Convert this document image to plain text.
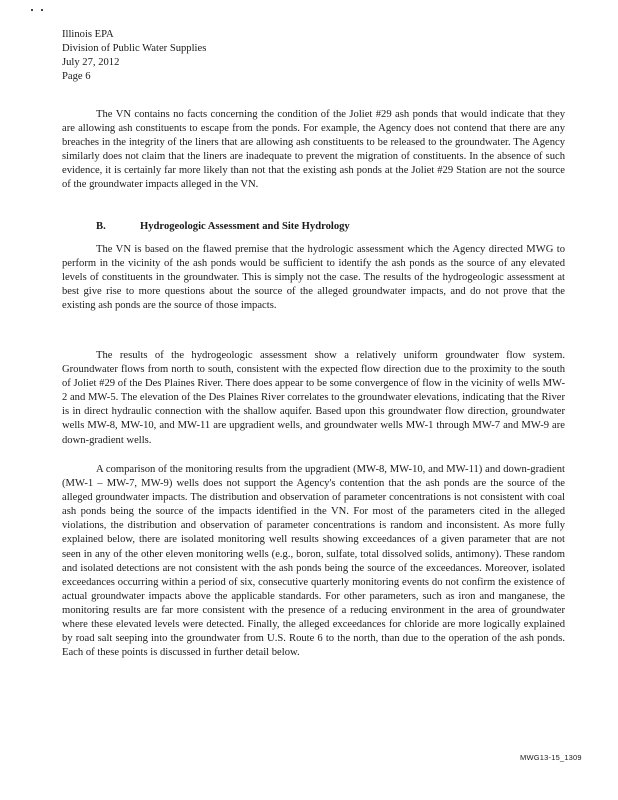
Illinois EPA
Division of Public Water Supplies
July 27, 2012
Page 6

The VN contains no facts concerning the condition of the Joliet #29 ash ponds that would indicate that they are allowing ash constituents to escape from the ponds. For example, the Agency does not contend that there are any breaches in the integrity of the liners that are allowing ash constituents to be released to the groundwater. The Agency similarly does not claim that the liners are inadequate to prevent the migration of constituents. In the absence of such evidence, it is certainly far more likely than not that the existing ash ponds at the Joliet #29 Station are not the source of the groundwater impacts alleged in the VN.

B.	Hydrogeologic Assessment and Site Hydrology

The VN is based on the flawed premise that the hydrologic assessment which the Agency directed MWG to perform in the vicinity of the ash ponds would be sufficient to identify the ash ponds as the source of any elevated levels of constituents in the groundwater. This is simply not the case. The results of the hydrogeologic assessment at best give rise to more questions about the source of the alleged groundwater impacts, and do not prove that the existing ash ponds are the source of those impacts.

The results of the hydrogeologic assessment show a relatively uniform groundwater flow system. Groundwater flows from north to south, consistent with the expected flow direction due to the proximity to the south of Joliet #29 of the Des Plaines River. There does appear to be some convergence of flow in the vicinity of wells MW-2 and MW-5. The elevation of the Des Plaines River correlates to the groundwater elevations, indicating that the River is in direct hydraulic connection with the shallow aquifer. Based upon this groundwater flow direction, groundwater wells MW-8, MW-10, and MW-11 are upgradient wells, and groundwater wells MW-1 through MW-7 and MW-9 are down-gradient wells.

A comparison of the monitoring results from the upgradient (MW-8, MW-10, and MW-11) and down-gradient (MW-1 – MW-7, MW-9) wells does not support the Agency's contention that the ash ponds are the source of the alleged groundwater impacts. The distribution and observation of parameter concentrations is not consistent with coal ash ponds being the source of the impacts identified in the VN. For most of the parameters cited in the alleged violations, the distribution and observation of parameter concentrations is random and inconsistent. As more fully explained below, there are isolated monitoring well results showing exceedances of a given parameter that are not seen in any of the other eleven monitoring wells (e.g., boron, sulfate, total dissolved solids, antimony). These random and isolated detections are not consistent with the ash ponds being the source of the exceedances. Moreover, isolated exceedances occurring within a period of six, consecutive quarterly monitoring events do not confirm the existence of actual groundwater impacts above the applicable standards. For other parameters, such as iron and manganese, the monitoring results are far more consistent with the presence of a reducing environment in the area of groundwater where these elevated levels were detected. Finally, the alleged exceedances for chloride are more logically explained by road salt seeping into the groundwater from U.S. Route 6 to the north, than due to the operation of the ash ponds. Each of these points is discussed in further detail below.

MWG13-15_1309
